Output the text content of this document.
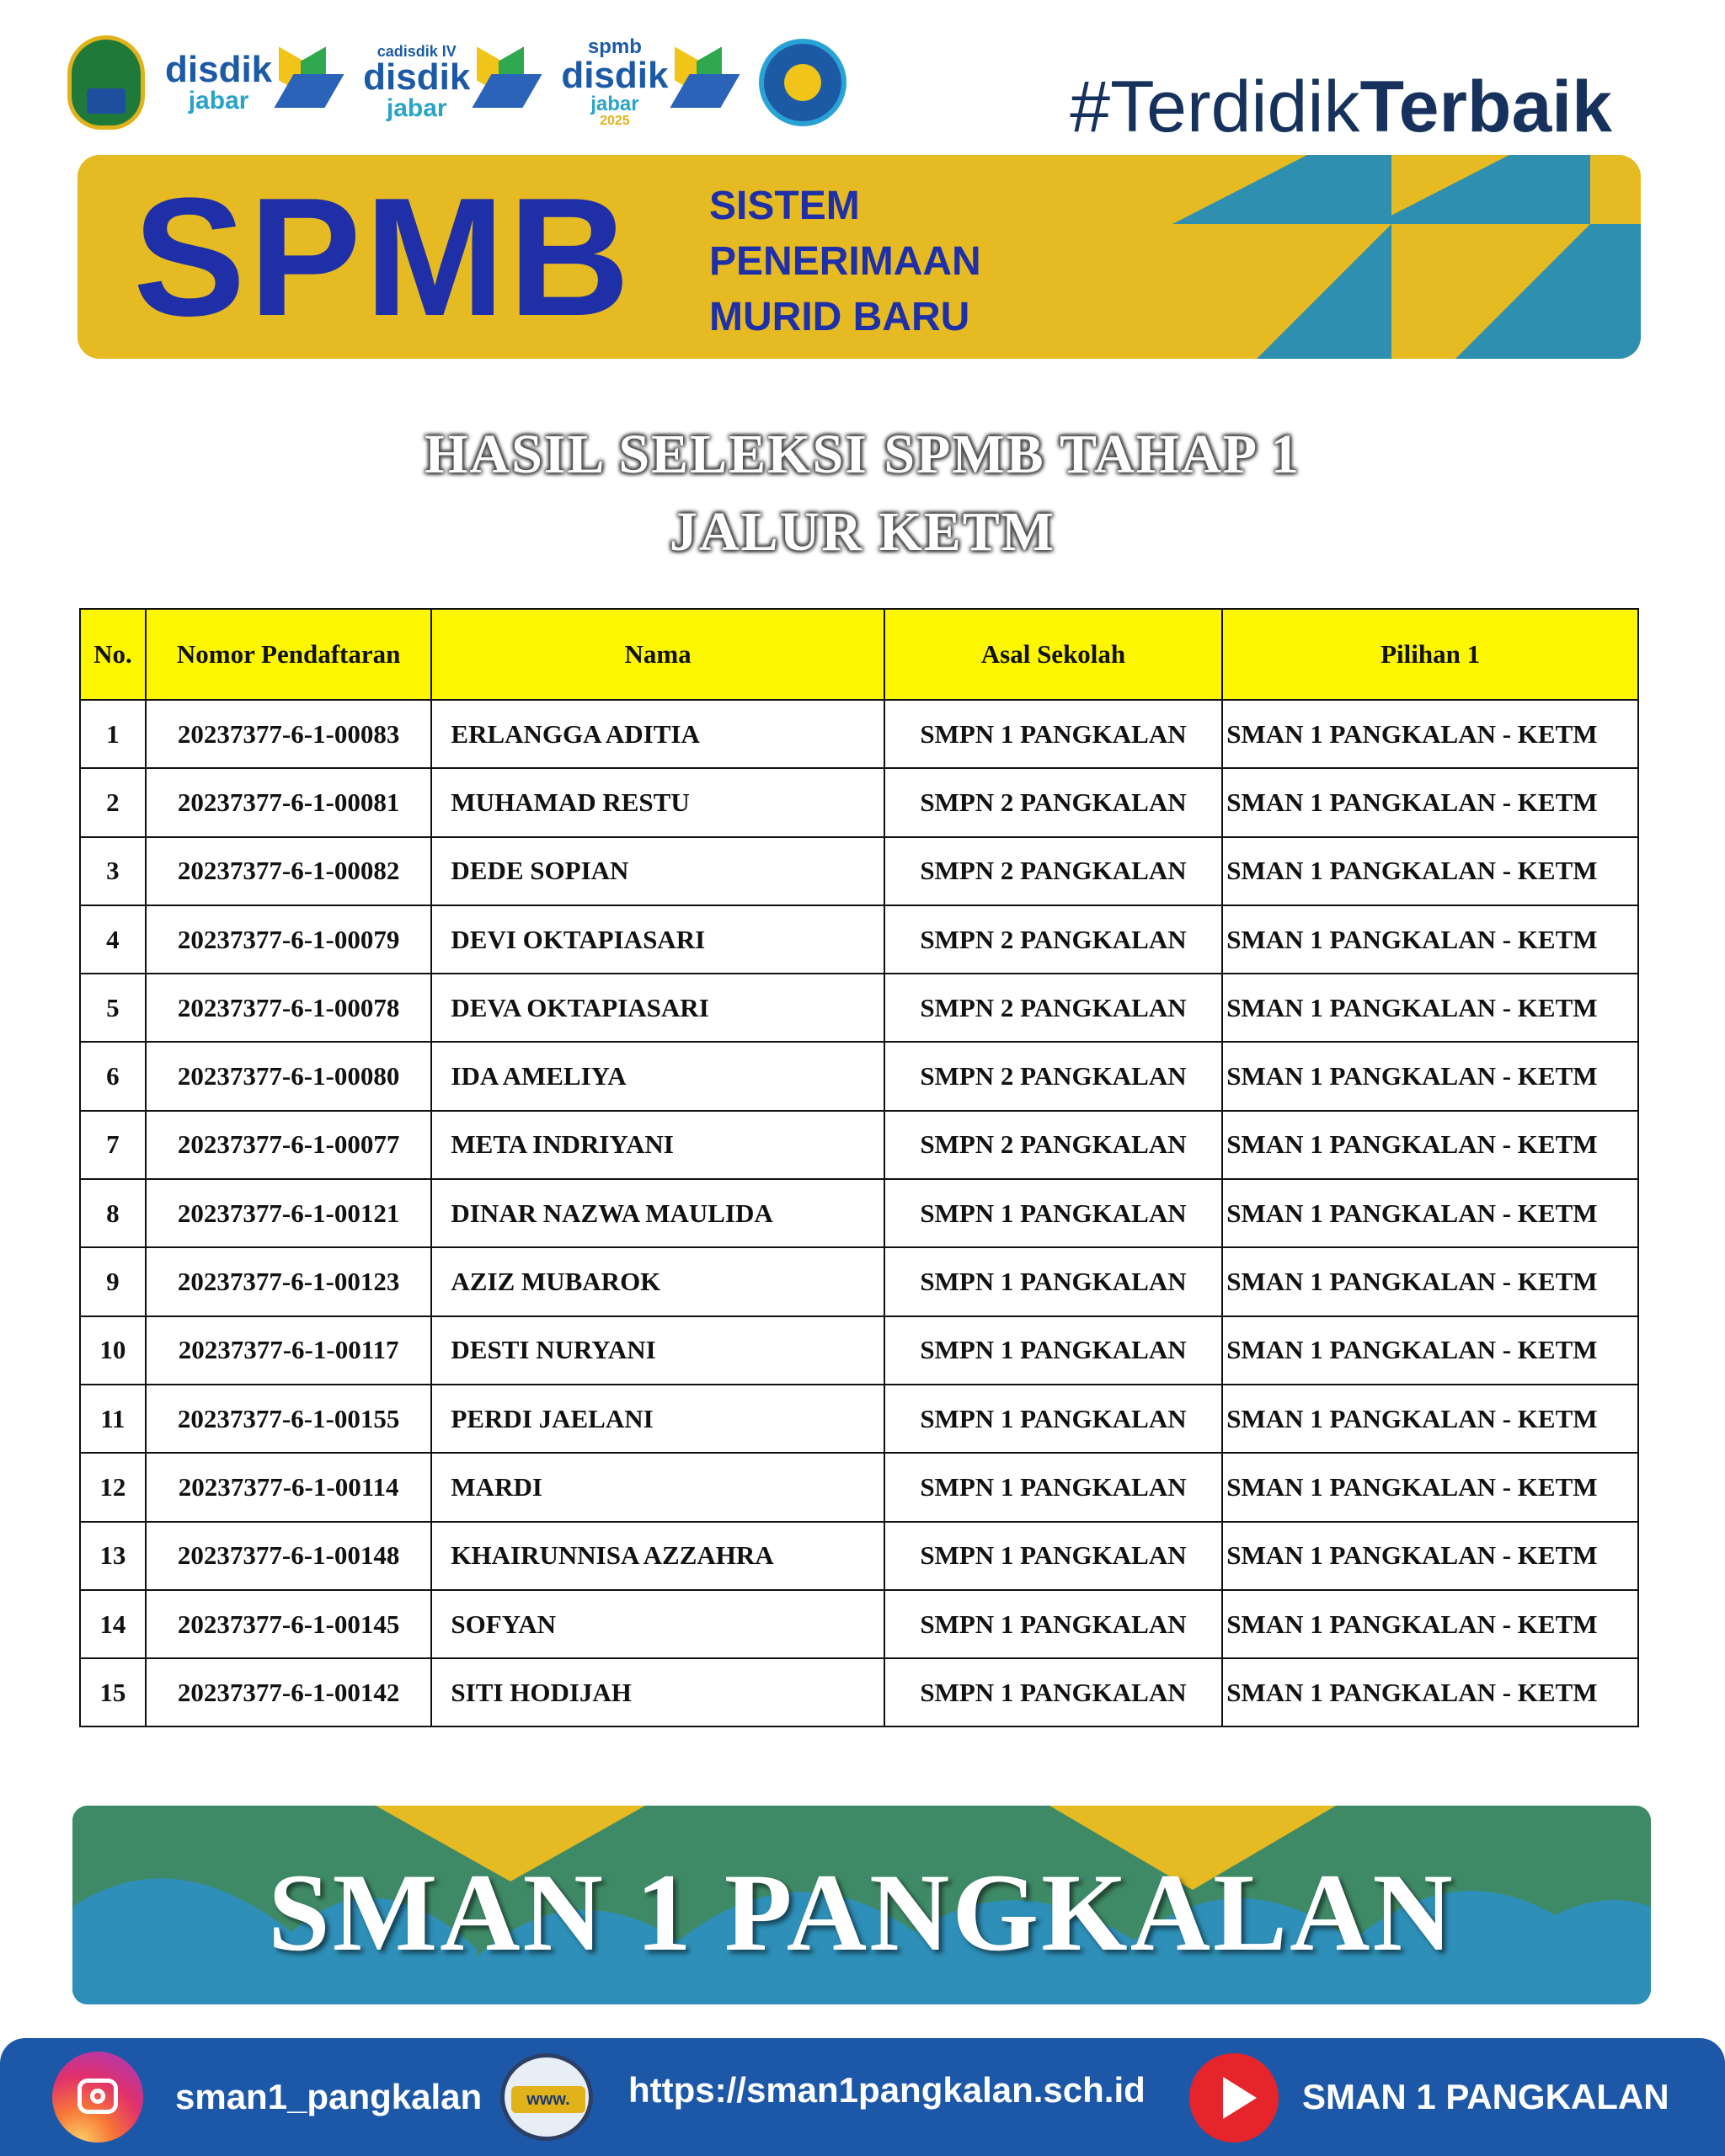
disdik
jabar
cadisdik IV
disdik
jabar
spmb
disdik
jabar
2025	#TerdidikTerbaik
SPMB SISTEM
PENERIMAAN
MURID BARU
HASIL SELEKSI SPMB TAHAP 1
JALUR KETM
No.	Nomor Pendaftaran	Nama	Asal Sekolah	Pilihan 1
1	20237377-6-1-00083	ERLANGGA ADITIA	SMPN 1 PANGKALAN	SMAN 1 PANGKALAN - KETM
2	20237377-6-1-00081	MUHAMAD RESTU	SMPN 2 PANGKALAN	SMAN 1 PANGKALAN - KETM
3	20237377-6-1-00082	DEDE SOPIAN	SMPN 2 PANGKALAN	SMAN 1 PANGKALAN - KETM
4	20237377-6-1-00079	DEVI OKTAPIASARI	SMPN 2 PANGKALAN	SMAN 1 PANGKALAN - KETM
5	20237377-6-1-00078	DEVA OKTAPIASARI	SMPN 2 PANGKALAN	SMAN 1 PANGKALAN - KETM
6	20237377-6-1-00080	IDA AMELIYA	SMPN 2 PANGKALAN	SMAN 1 PANGKALAN - KETM
7	20237377-6-1-00077	META INDRIYANI	SMPN 2 PANGKALAN	SMAN 1 PANGKALAN - KETM
8	20237377-6-1-00121	DINAR NAZWA MAULIDA	SMPN 1 PANGKALAN	SMAN 1 PANGKALAN - KETM
9	20237377-6-1-00123	AZIZ MUBAROK	SMPN 1 PANGKALAN	SMAN 1 PANGKALAN - KETM
10	20237377-6-1-00117	DESTI NURYANI	SMPN 1 PANGKALAN	SMAN 1 PANGKALAN - KETM
11	20237377-6-1-00155	PERDI JAELANI	SMPN 1 PANGKALAN	SMAN 1 PANGKALAN - KETM
12	20237377-6-1-00114	MARDI	SMPN 1 PANGKALAN	SMAN 1 PANGKALAN - KETM
13	20237377-6-1-00148	KHAIRUNNISA AZZAHRA	SMPN 1 PANGKALAN	SMAN 1 PANGKALAN - KETM
14	20237377-6-1-00145	SOFYAN	SMPN 1 PANGKALAN	SMAN 1 PANGKALAN - KETM
15	20237377-6-1-00142	SITI HODIJAH	SMPN 1 PANGKALAN	SMAN 1 PANGKALAN - KETM
SMAN 1 PANGKALAN
sman1_pangkalan	www.	https://sman1pangkalan.sch.id	SMAN 1 PANGKALAN
